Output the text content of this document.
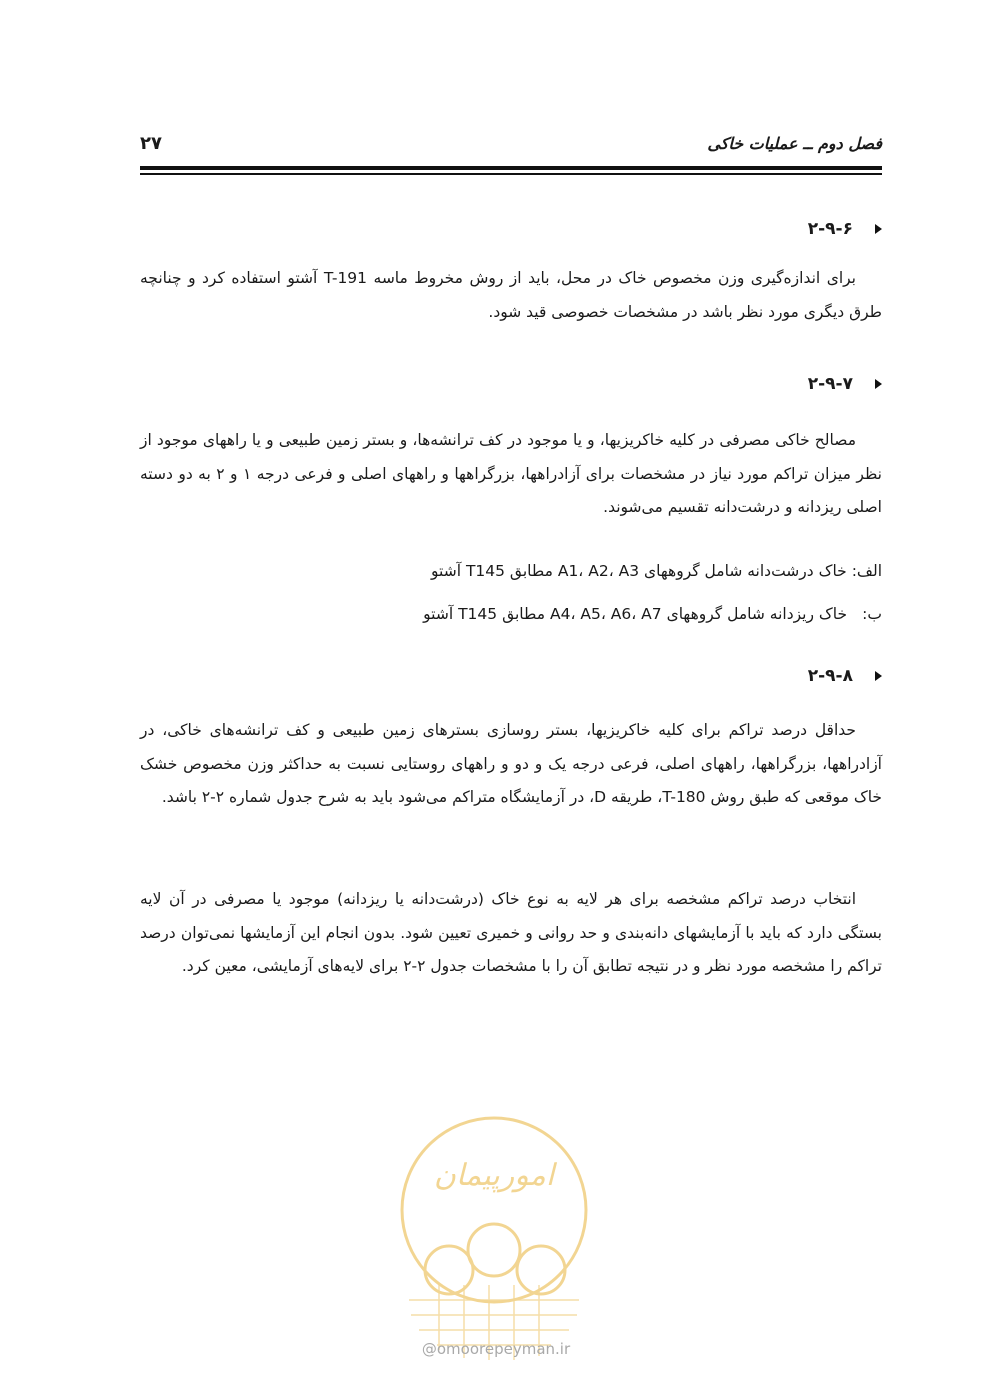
۲۷	فصل دوم ــ عملیات خاکی
۲-۹-۶

برای اندازه‌گیری وزن مخصوص خاک در محل، باید از روش مخروط ماسه T-191 آشتو استفاده کرد و چنانچه طرق دیگری مورد نظر باشد در مشخصات خصوصی قید شود.

۲-۹-۷

مصالح خاکی مصرفی در کلیه خاکریزیها، و یا موجود در کف ترانشه‌ها، و بستر زمین طبیعی و یا راههای موجود از نظر میزان تراکم مورد نیاز در مشخصات برای آزادراهها، بزرگراهها و راههای اصلی و فرعی درجه ۱ و ۲ به دو دسته اصلی ریزدانه و درشت‌دانه تقسیم می‌شوند.

الف: خاک درشت‌دانه شامل گروههای A1، A2، A3 مطابق T145 آشتو

ب: خاک ریزدانه شامل گروههای A4، A5، A6، A7 مطابق T145 آشتو

۲-۹-۸

حداقل درصد تراکم برای کلیه خاکریزیها، بستر روسازی بسترهای زمین طبیعی و کف ترانشه‌های خاکی، در آزادراهها، بزرگراهها، راههای اصلی، فرعی درجه یک و دو و راههای روستایی نسبت به حداکثر وزن مخصوص خشک خاک موقعی که طبق روش T-180، طریقه D، در آزمایشگاه متراکم می‌شود باید به شرح جدول شماره ۲-۲ باشد.

انتخاب درصد تراکم مشخصه برای هر لایه به نوع خاک (درشت‌دانه یا ریزدانه) موجود یا مصرفی در آن لایه بستگی دارد که باید با آزمایشهای دانه‌بندی و حد روانی و خمیری تعیین شود. بدون انجام این آزمایشها نمی‌توان درصد تراکم را مشخصه مورد نظر و در نتیجه تطابق آن را با مشخصات جدول ۲-۲ برای لایه‌های آزمایشی، معین کرد.

امورپیمان
@omoorepeyman.ir
